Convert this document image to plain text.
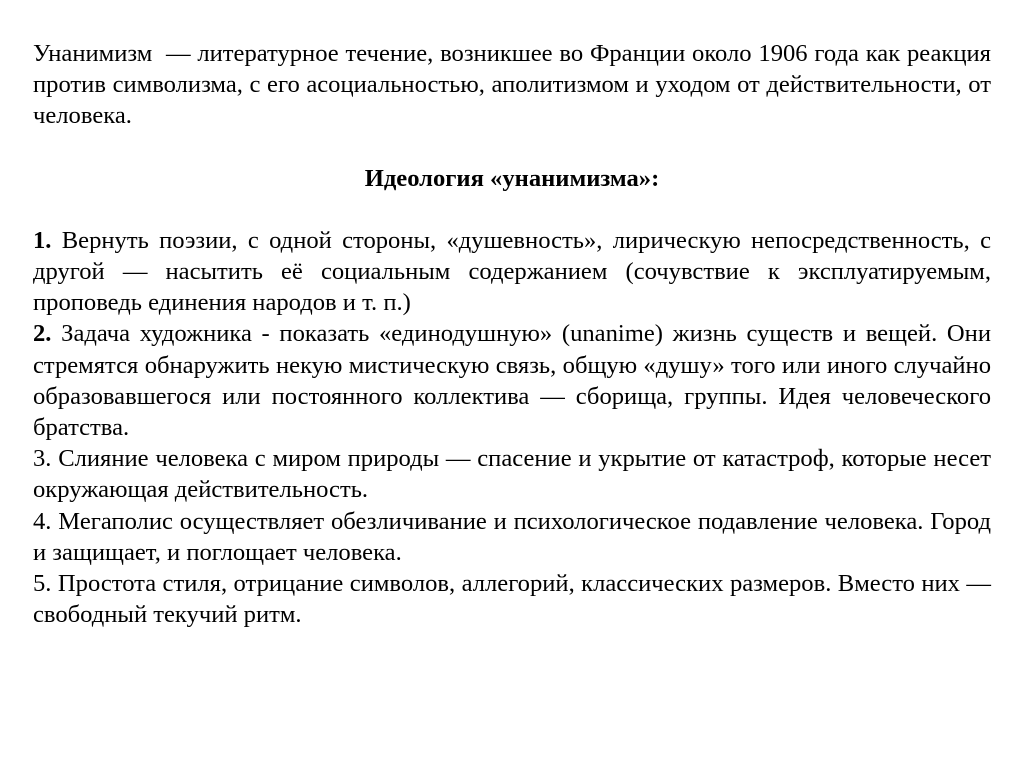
Унанимизм  — литературное течение, возникшее во Франции около 1906 года как реакция против символизма, с его асоциальностью, аполитизмом и уходом от действительности, от человека.

Идеология «унанимизма»:

1. Вернуть поэзии, с одной стороны, «душевность», лирическую непосредственность, с другой — насытить её социальным содержанием (сочувствие к эксплуатируемым, проповедь единения народов и т. п.)

2. Задача художника - показать «единодушную» (unanime) жизнь существ и вещей. Они стремятся обнаружить некую мистическую связь, общую «душу» того или иного случайно образовавшегося или постоянного коллектива — сборища, группы. Идея человеческого братства.

3. Слияние человека с миром природы — спасение и укрытие от катастроф, которые несет окружающая действительность.

4. Мегаполис осуществляет обезличивание и психологическое подавление человека. Город и защищает, и поглощает человека.

5. Простота стиля, отрицание символов, аллегорий, классических размеров. Вместо них — свободный текучий ритм.
